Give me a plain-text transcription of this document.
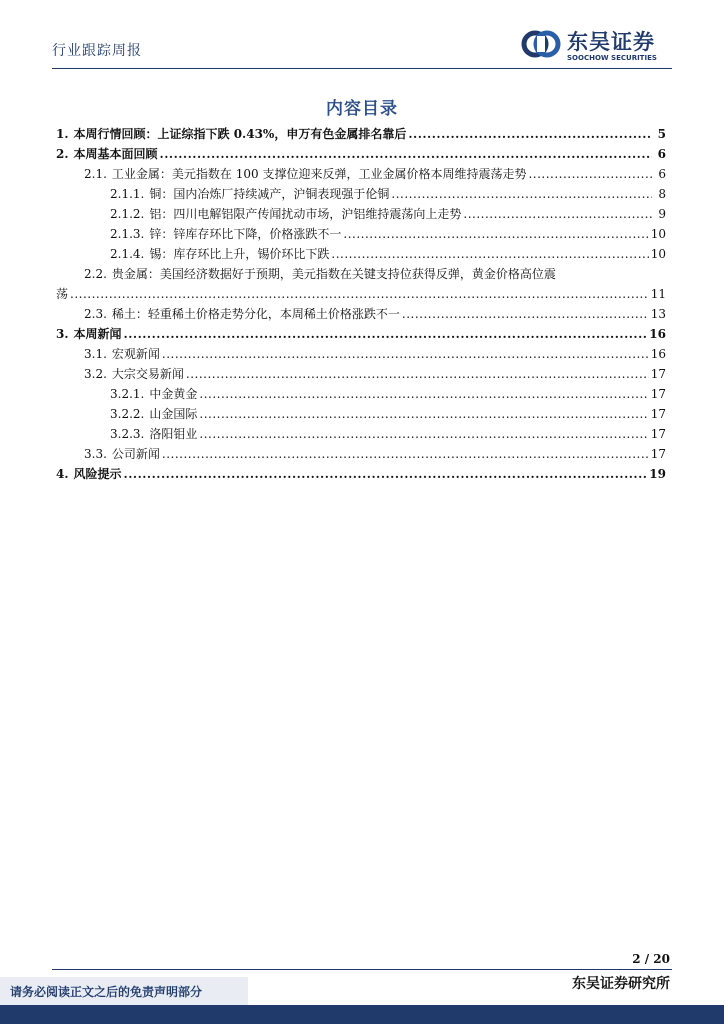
行业跟踪周报	东吴证券
SOOCHOW SECURITIES
内容目录
1. 本周行情回顾：上证综指下跌 0.43%，申万有色金属排名靠后 .....	5
2. 本周基本面回顾 .....	6
2.1. 工业金属：美元指数在 100 支撑位迎来反弹，工业金属价格本周维持震荡走势 .....	6
2.1.1. 铜：国内冶炼厂持续减产，沪铜表现强于伦铜 .....	8
2.1.2. 铝：四川电解铝限产传闻扰动市场，沪铝维持震荡向上走势 .....	9
2.1.3. 锌：锌库存环比下降，价格涨跌不一 .....	10
2.1.4. 锡：库存环比上升，锡价环比下跌 .....	10
2.2. 贵金属：美国经济数据好于预期，美元指数在关键支持位获得反弹，黄金价格高位震
荡 .....	11
2.3. 稀土：轻重稀土价格走势分化，本周稀土价格涨跌不一 .....	13
3. 本周新闻 .....	16
3.1. 宏观新闻 .....	16
3.2. 大宗交易新闻 .....	17
3.2.1. 中金黄金 .....	17
3.2.2. 山金国际 .....	17
3.2.3. 洛阳钼业 .....	17
3.3. 公司新闻 .....	17
4. 风险提示 .....	19
2 / 20
东吴证券研究所
请务必阅读正文之后的免责声明部分
